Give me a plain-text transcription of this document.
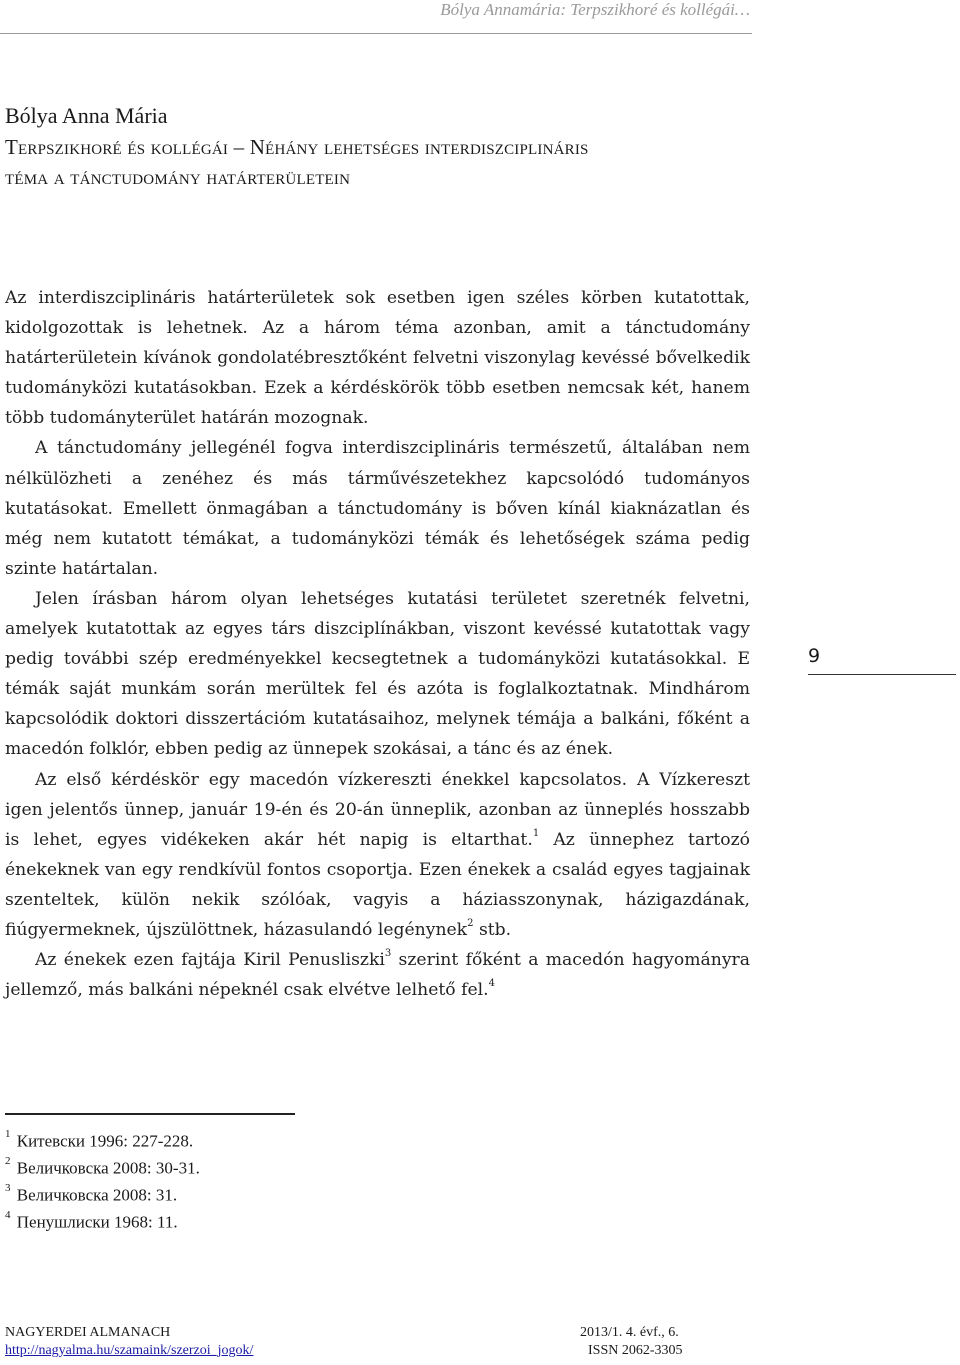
Bólya Annamária: Terpszikhoré és kollégái…
Bólya Anna Mária
Terpszikhoré és kollégái – Néhány lehetséges interdiszciplináris
téma a tánctudomány határterületein

Az interdiszciplináris határterületek sok esetben igen széles körben kutatottak, kidolgozottak is lehetnek. Az a három téma azonban, amit a tánctudomány határterületein kívánok gondolatébresztőként felvetni viszonylag kevéssé bővelkedik tudományközi kutatásokban. Ezek a kérdéskörök több esetben nemcsak két, hanem több tudományterület határán mozognak.

A tánctudomány jellegénél fogva interdiszciplináris természetű, általában nem nélkülözheti a zenéhez és más tárművészetekhez kapcsolódó tudományos kutatásokat. Emellett önmagában a tánctudomány is bőven kínál kiaknázatlan és még nem kutatott témákat, a tudományközi témák és lehetőségek száma pedig szinte határtalan.

Jelen írásban három olyan lehetséges kutatási területet szeretnék felvetni, amelyek kutatottak az egyes társ diszciplínákban, viszont kevéssé kutatottak vagy pedig további szép eredményekkel kecsegtetnek a tudományközi kutatásokkal. E témák saját munkám során merültek fel és azóta is foglalkoztatnak. Mindhárom kapcsolódik doktori disszertációm kutatásaihoz, melynek témája a balkáni, főként a macedón folklór, ebben pedig az ünnepek szokásai, a tánc és az ének.

Az első kérdéskör egy macedón vízkereszti énekkel kapcsolatos. A Vízkereszt igen jelentős ünnep, január 19-én és 20-án ünneplik, azonban az ünneplés hosszabb is lehet, egyes vidékeken akár hét napig is eltarthat.$^1$ Az ünnephez tartozó énekeknek van egy rendkívül fontos csoportja. Ezen énekek a család egyes tagjainak szenteltek, külön nekik szólóak, vagyis a háziasszonynak, házigazdának, fiúgyermeknek, újszülöttnek, házasulandó legénynek$^2$ stb.

Az énekek ezen fajtája Kiril Penusliszki$^3$ szerint főként a macedón hagyományra jellemző, más balkáni népeknél csak elvétve lelhető fel.$^4$

9
$^1$ Китевски 1996: 227-228.
$^2$ Величковска 2008: 30-31.
$^3$ Величковска 2008: 31.
$^4$ Пенушлиски 1968: 11.
NAGYERDEI ALMANACH
http://nagyalma.hu/szamaink/szerzoi_jogok/
2013/1. 4. évf., 6.
ISSN 2062-3305
